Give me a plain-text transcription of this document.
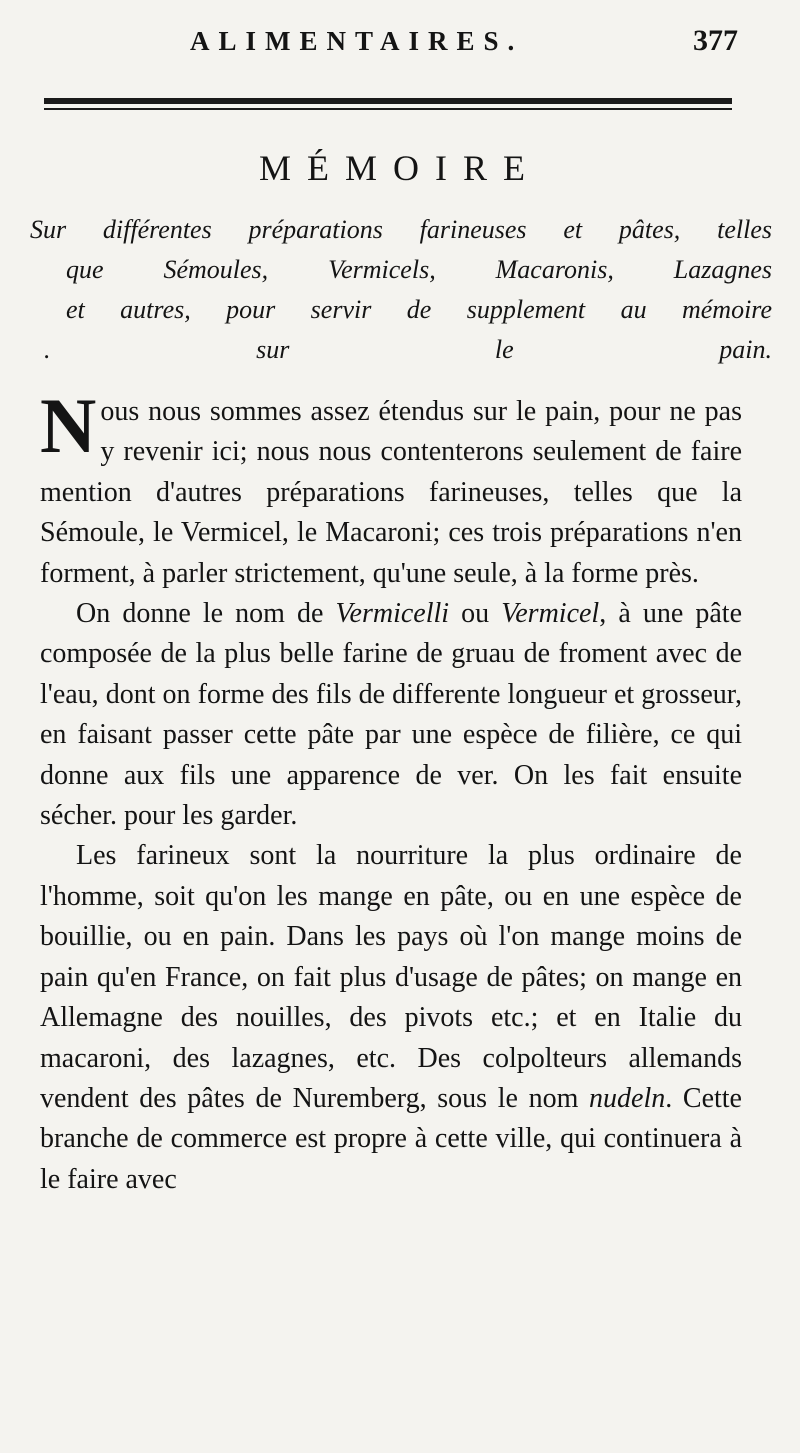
ALIMENTAIRES.	377
MÉMOIRE
Sur différentes préparations farineuses et pâtes, telles
que Sémoules, Vermicels, Macaronis, Lazagnes
et autres, pour servir de supplement au mémoire
. sur le pain.

Nous nous sommes assez étendus sur le pain, pour ne pas y revenir ici; nous nous contenterons seulement de faire mention d'autres préparations farineuses, telles que la Sémoule, le Vermicel, le Macaroni; ces trois préparations n'en forment, à parler strictement, qu'une seule, à la forme près.

On donne le nom de Vermicelli ou Vermicel, à une pâte composée de la plus belle farine de gruau de froment avec de l'eau, dont on forme des fils de differente longueur et grosseur, en faisant passer cette pâte par une espèce de filière, ce qui donne aux fils une apparence de ver. On les fait ensuite sécher. pour les garder.

Les farineux sont la nourriture la plus ordinaire de l'homme, soit qu'on les mange en pâte, ou en une espèce de bouillie, ou en pain. Dans les pays où l'on mange moins de pain qu'en France, on fait plus d'usage de pâtes; on mange en Allemagne des nouilles, des pivots etc.; et en Italie du macaroni, des lazagnes, etc. Des colpolteurs allemands vendent des pâtes de Nuremberg, sous le nom nudeln. Cette branche de commerce est propre à cette ville, qui continuera à le faire avec
